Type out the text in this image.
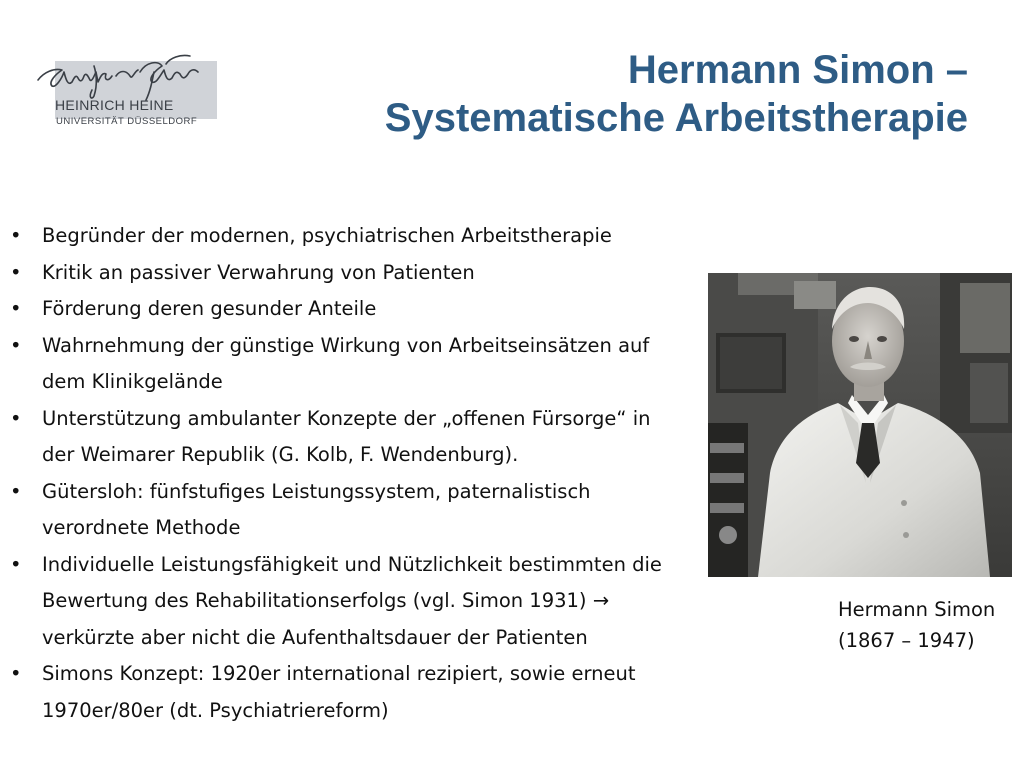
HEINRICH HEINE
UNIVERSITÄT DÜSSELDORF
Hermann Simon –
Systematische Arbeitstherapie
• Begründer der modernen, psychiatrischen Arbeitstherapie
• Kritik an passiver Verwahrung von Patienten
• Förderung deren gesunder Anteile
• Wahrnehmung der günstige Wirkung von Arbeitseinsätzen auf
dem Klinikgelände
• Unterstützung ambulanter Konzepte der „offenen Fürsorge“ in
der Weimarer Republik (G. Kolb, F. Wendenburg).
• Gütersloh: fünfstufiges Leistungssystem, paternalistisch
verordnete Methode
• Individuelle Leistungsfähigkeit und Nützlichkeit bestimmten die
Bewertung des Rehabilitationserfolgs (vgl. Simon 1931) →
verkürzte aber nicht die Aufenthaltsdauer der Patienten
• Simons Konzept: 1920er international rezipiert, sowie erneut
1970er/80er (dt. Psychiatriereform)
Hermann Simon
(1867 – 1947)
